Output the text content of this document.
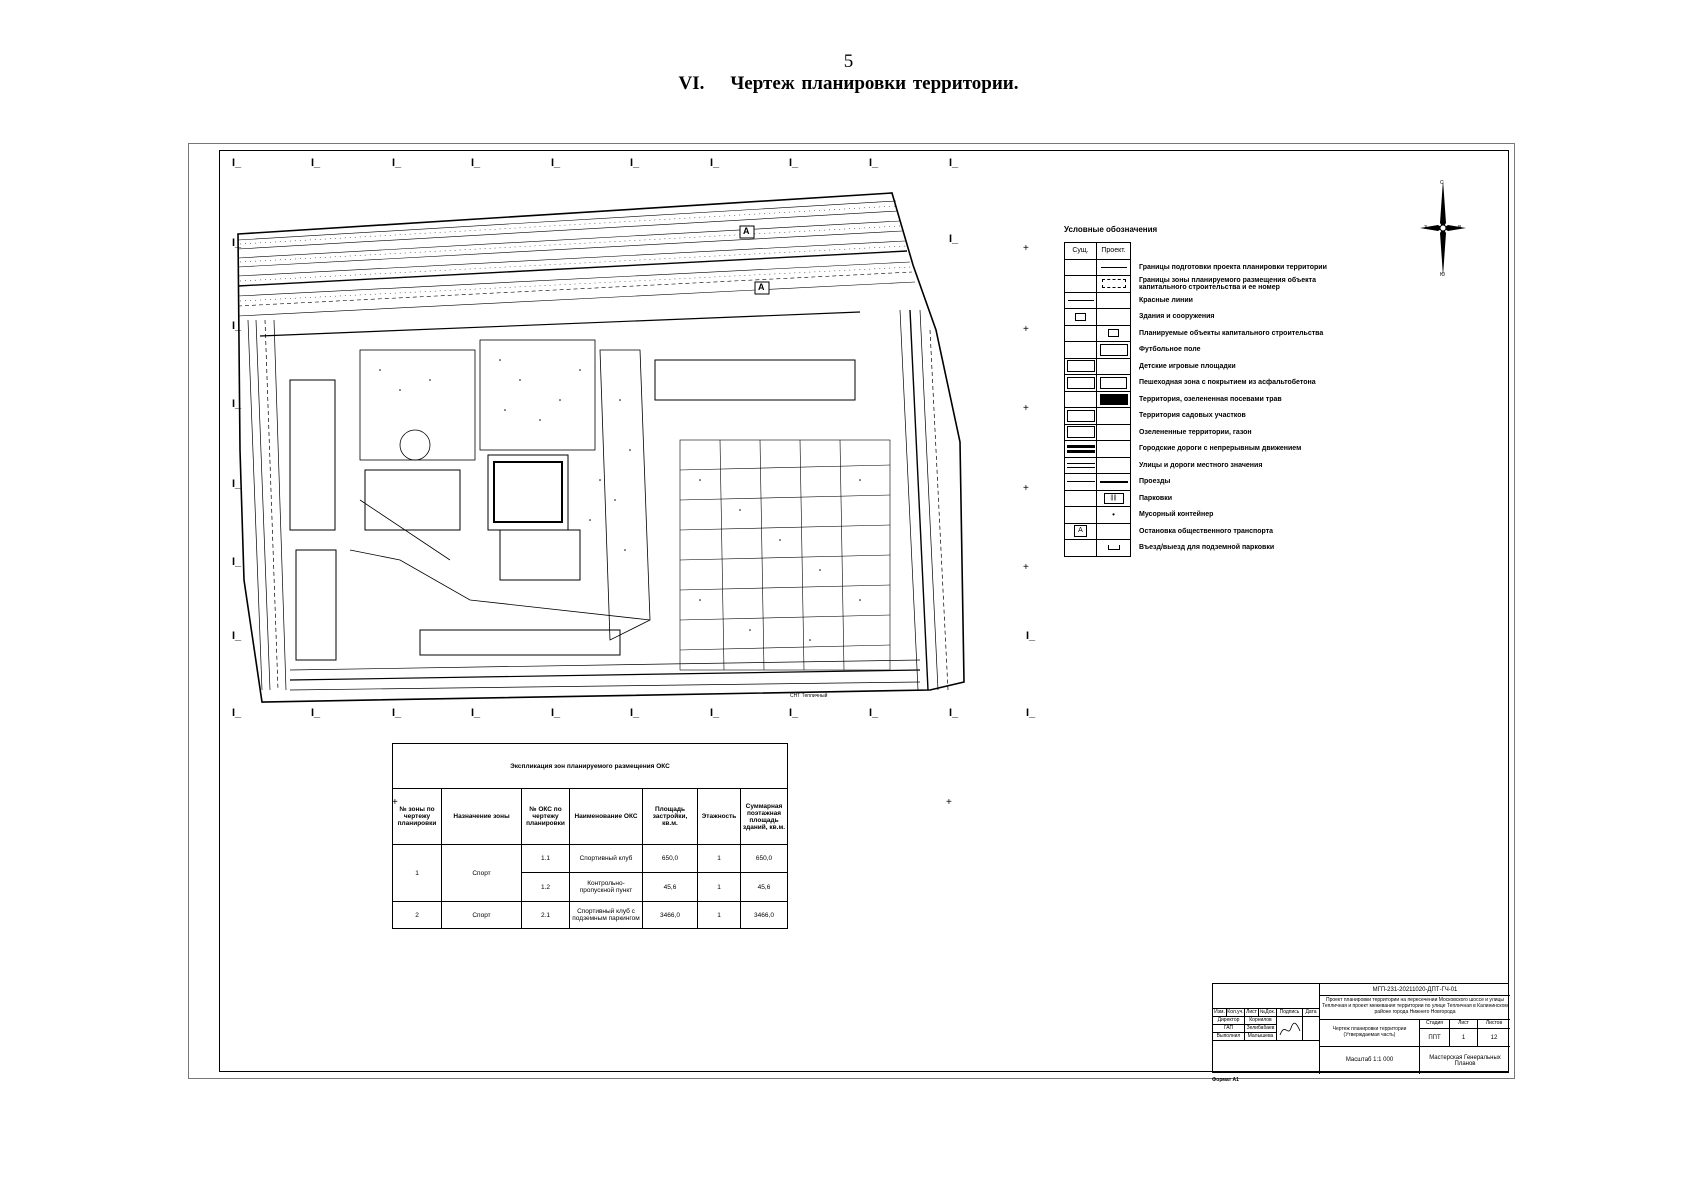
5
VI. Чертеж планировки территории.
I_	I_	I_	I_	I_	I_	I_	I_	I_	I_
I_	I_	I_	I_	I_	I_	I_	I_	I_	I_	I_
I_
I_
I_
I_
I_
I_	I_
I_
+
+
+
+
+
+	+
А
А
СНТ Тепличный
С
З	В
Ю
Условные обозначения
Сущ.	Проект.	

	Границы подготовки проекта планировки территории

	Границы зоны планируемого размещения объекта капитального строительства и ее номер

		Красные линии

		Здания и сооружения

	Планируемые объекты капитального строительства

	Футбольное поле

		Детские игровые площадки

	Пешеходная зона с покрытием из асфальтобетона

	Территория, озелененная посевами трав

		Территория садовых участков

		Озелененные территории, газон

		Городские дороги с непрерывным движением

		Улицы и дороги местного значения

	Проезды

	||||	Парковки

	•	Мусорный контейнер

А		Остановка общественного транспорта

	Въезд/выезд для подземной парковки
Экспликация зон планируемого размещения ОКС						
№ зоны по чертежу планировки	Назначение зоны	№ ОКС по чертежу планировки	Наименование ОКС	Площадь застройки, кв.м.	Этажность	Суммарная поэтажная площадь зданий, кв.м.
1	Спорт	1.1	Спортивный клуб	650,0	1	650,0
		1.2	Контрольно-пропускной пункт	45,6	1	45,6
2	Спорт	2.1	Спортивный клуб с подземным паркингом	3466,0	1	3466,0
Изм. Кол.уч. Лист №Док. Подпись	Дата
Директор	Корнилов
ГАП	Зелибабаев
Выполнил	Малышева
МГП-231-20211020-ДПТ-ГЧ-01
Проект планировки территории на пересечении Московского шоссе и улицы Тепличная и проект межевания территории по улице Тепличная в Калининском районе города Нижнего Новгорода
Чертеж планировки территории (Утверждаемая часть)
Стадия	Лист	Листов
ППТ	1	12
Масштаб 1:1 000	Мастерская Генеральных Планов
Формат А1
